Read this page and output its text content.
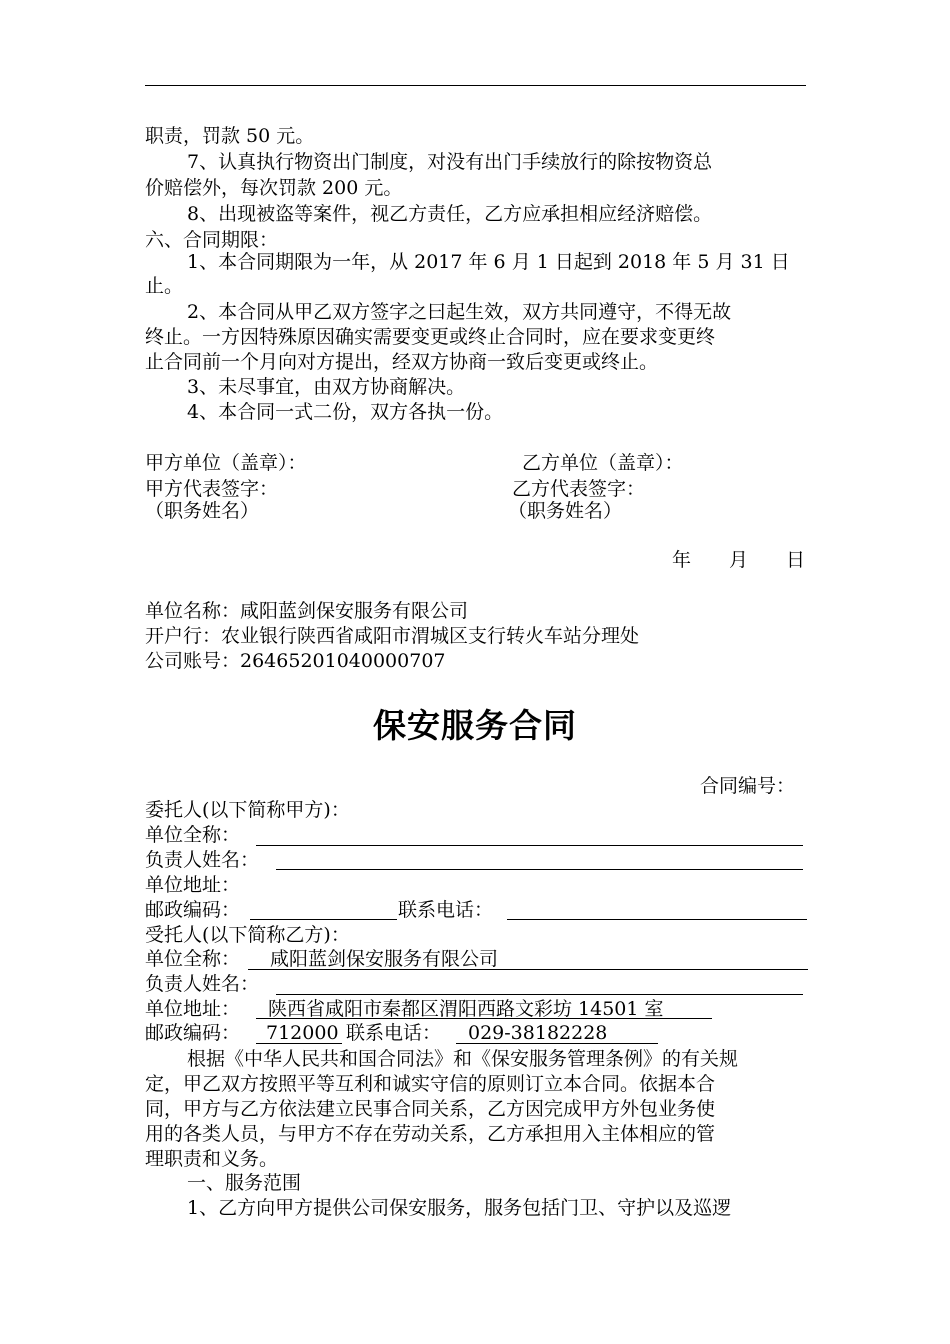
职责，罚款 50 元。
7、认真执行物资出门制度，对没有出门手续放行的除按物资总
价赔偿外，每次罚款 200 元。
8、出现被盗等案件，视乙方责任，乙方应承担相应经济赔偿。
六、合同期限：
1、本合同期限为一年，从 2017 年 6 月 1 日起到 2018 年 5 月 31 日
止。
2、本合同从甲乙双方签字之曰起生效，双方共同遵守，不得无故
终止。一方因特殊原因确实需要变更或终止合同时，应在要求变更终
止合同前一个月向对方提出，经双方协商一致后变更或终止。
3、未尽事宜，由双方协商解决。
4、本合同一式二份，双方各执一份。
甲方单位（盖章）：	乙方单位（盖章）：
甲方代表签字：	乙方代表签字：
（职务姓名）	（职务姓名）
年　　月　　日
单位名称：咸阳蓝剑保安服务有限公司
开户行：农业银行陕西省咸阳市渭城区支行转火车站分理处
公司账号：26465201040000707
保安服务合同
合同编号：
委托人(以下简称甲方)：
单位全称：
负责人姓名：
单位地址：
邮政编码：	联系电话：
受托人(以下简称乙方)：
单位全称： 咸阳蓝剑保安服务有限公司
负责人姓名：
单位地址： 陕西省咸阳市秦都区渭阳西路文彩坊 14501 室
邮政编码： 712000 联系电话： 029-38182228
根据《中华人民共和国合同法》和《保安服务管理条例》的有关规
定，甲乙双方按照平等互利和诚实守信的原则订立本合同。依据本合
同，甲方与乙方依法建立民事合同关系，乙方因完成甲方外包业务使
用的各类人员，与甲方不存在劳动关系，乙方承担用入主体相应的管
理职责和义务。
一、服务范围
1、乙方向甲方提供公司保安服务，服务包括门卫、守护以及巡逻
